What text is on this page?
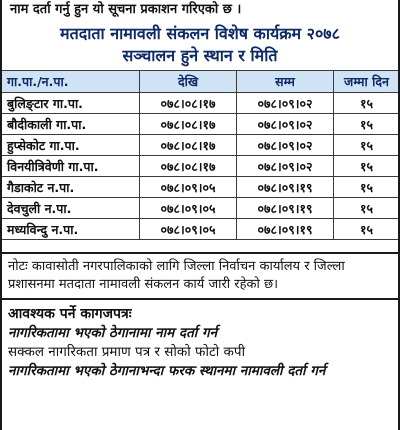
नाम दर्ता गर्नु हुन यो सूचना प्रकाशन गरिएको छ ।
मतदाता नामावली संकलन विशेष कार्यक्रम २०७८
सञ्चालन हुने स्थान र मिति
गा.पा./न.पा.	देखि	सम्म	जम्मा दिन
बुलिङ्टार गा.पा.	०७८।०८।१७	०७८।०९।०२	१५
बौदीकाली गा.पा.	०७८।०८।१७	०७८।०९।०२	१५
हुप्सेकोट गा.पा.	०७८।०८।१७	०७८।०९।०२	१५
विनयीत्रिवेणी गा.पा.	०७८।०८।१७	०७८।०९।०२	१५
गैडाकोट न.पा.	०७८।०९।०५	०७८।०९।१९	१५
देवचुली न.पा.	०७८।०९।०५	०७८।०९।१९	१५
मध्यविन्दु न.पा.	०७८।०९।०५	०७८।०९।१९	१५
नोटः कावासोती नगरपालिकाको लागि जिल्ला निर्वाचन कार्यालय र जिल्ला प्रशासनमा मतदाता नामावली संकलन कार्य जारी रहेको छ।
आवश्यक पर्ने कागजपत्रः
नागरिकतामा भएको ठेगानामा नाम दर्ता गर्न
सक्कल नागरिकता प्रमाण पत्र र सोको फोटो कपी
नागरिकतामा भएको ठेगानाभन्दा फरक स्थानमा नामावली दर्ता गर्न
